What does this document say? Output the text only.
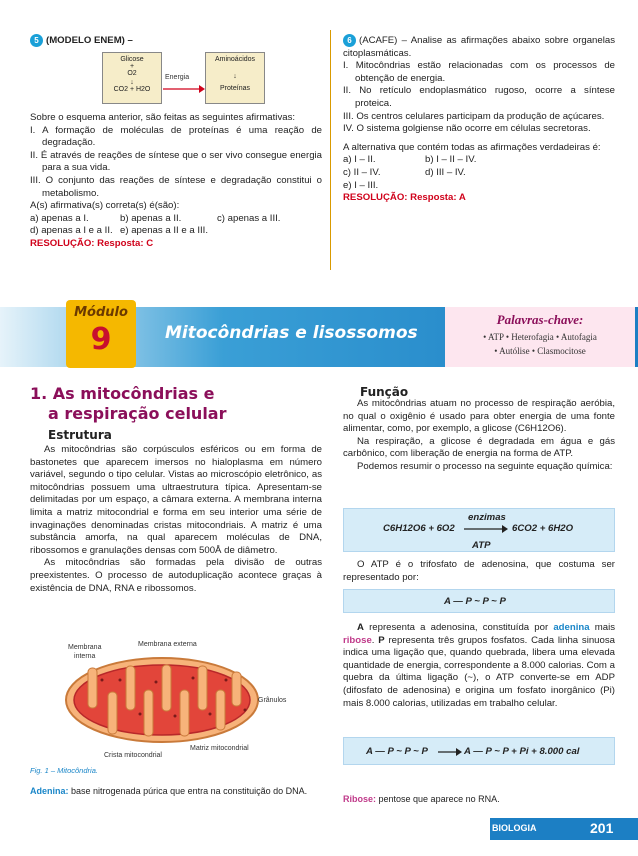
5 (MODELO ENEM) –
Glicose
+
O2
↓
CO2 + H2O
Aminoácidos
↓
Proteínas
Energia
Sobre o esquema anterior, são feitas as seguintes afirmativas:
I. A formação de moléculas de proteínas é uma reação de degradação.
II. É através de reações de síntese que o ser vivo consegue energia para a sua vida.
III. O conjunto das reações de síntese e degradação constitui o metabolismo.
A(s) afirmativa(s) correta(s) é(são):
a) apenas a I.	b) apenas a II.	c) apenas a III.
d) apenas a I e a II. e) apenas a II e a III.
RESOLUÇÃO: Resposta: C
6 (ACAFE) – Analise as afirmações abaixo sobre organelas citoplasmáticas.
I. Mitocôndrias estão relacionadas com os processos de obtenção de energia.
II. No retículo endoplasmático rugoso, ocorre a síntese proteica.
III. Os centros celulares participam da produção de açúcares.
IV. O sistema golgiense não ocorre em células secretoras.
A alternativa que contém todas as afirmações verdadeiras é:
a) I – II.	b) I – II – IV.
c) II – IV.	d) III – IV.
e) I – III.
RESOLUÇÃO: Resposta: A
Módulo
9	Mitocôndrias e lisossomos
Palavras-chave:
• ATP • Heterofagia • Autofagia
• Autólise • Clasmocitose
1. As mitocôndrias e
a respiração celular
Estrutura

As mitocôndrias são corpúsculos esféricos ou em forma de bastonetes que aparecem imersos no hialoplasma em número variável, segundo o tipo celular. Vistas ao microscópio eletrônico, as mitocôndrias possuem uma ultraestrutura típica. Apresentam-se delimitadas por um espaço, a câmara externa. A membrana interna limita a matriz mitocondrial e forma em seu interior uma série de invaginações denominadas cristas mitocondriais. A matriz é uma substância amorfa, na qual aparecem moléculas de DNA, ribossomos e granulações densas com 500Å de diâmetro.

As mitocôndrias são formadas pela divisão de outras preexistentes. O processo de autoduplicação acontece graças à existência de DNA, RNA e ribossomos.

Membrana
interna
Membrana externa
Grânulos
Matriz mitocondrial
Crista mitocondrial
Fig. 1 – Mitocôndria.
Função

As mitocôndrias atuam no processo de respiração aeróbia, no qual o oxigênio é usado para obter energia de uma fonte alimentar, como, por exemplo, a glicose (C6H12O6).

Na respiração, a glicose é degradada em água e gás carbônico, com liberação de energia na forma de ATP.

Podemos resumir o processo na seguinte equação química:

C6H12O6 + 6O2
enzimas
6CO2 + 6H2O
ATP

O ATP é o trifosfato de adenosina, que costuma ser representado por:

A — P ~ P ~ P

A representa a adenosina, constituída por adenina mais ribose. P representa três grupos fosfatos. Cada linha sinuosa indica uma ligação que, quando quebrada, libera uma elevada quantidade de energia, correspondente a 8.000 calorias. Com a quebra da última ligação (~), o ATP converte-se em ADP (difosfato de adenosina) e origina um fosfato inorgânico (Pi) mais 8.000 calorias, utilizadas em trabalho celular.

A — P ~ P ~ P	A — P ~ P + Pi + 8.000 cal
Adenina: base nitrogenada púrica que entra na constituição do DNA.
Ribose: pentose que aparece no RNA.
BIOLOGIA	201
